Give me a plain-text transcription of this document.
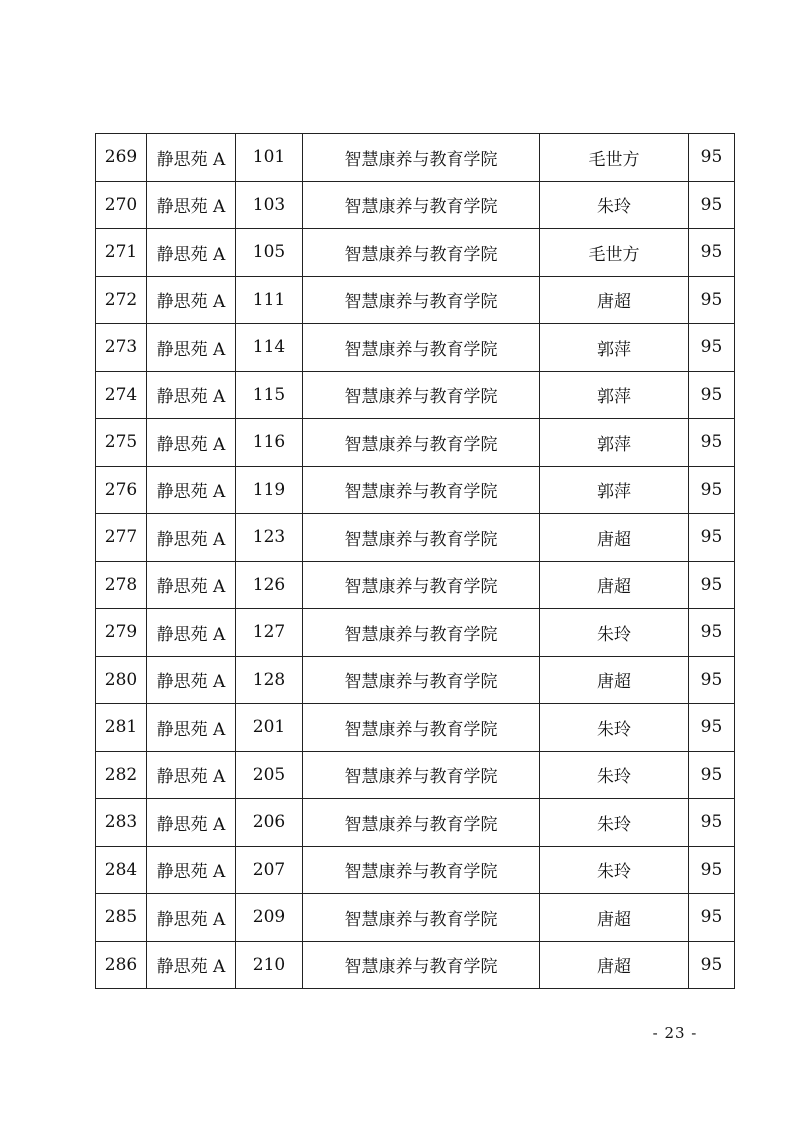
269	静思苑 A	101	智慧康养与教育学院	毛世方	95
270	静思苑 A	103	智慧康养与教育学院	朱玲	95
271	静思苑 A	105	智慧康养与教育学院	毛世方	95
272	静思苑 A	111	智慧康养与教育学院	唐超	95
273	静思苑 A	114	智慧康养与教育学院	郭萍	95
274	静思苑 A	115	智慧康养与教育学院	郭萍	95
275	静思苑 A	116	智慧康养与教育学院	郭萍	95
276	静思苑 A	119	智慧康养与教育学院	郭萍	95
277	静思苑 A	123	智慧康养与教育学院	唐超	95
278	静思苑 A	126	智慧康养与教育学院	唐超	95
279	静思苑 A	127	智慧康养与教育学院	朱玲	95
280	静思苑 A	128	智慧康养与教育学院	唐超	95
281	静思苑 A	201	智慧康养与教育学院	朱玲	95
282	静思苑 A	205	智慧康养与教育学院	朱玲	95
283	静思苑 A	206	智慧康养与教育学院	朱玲	95
284	静思苑 A	207	智慧康养与教育学院	朱玲	95
285	静思苑 A	209	智慧康养与教育学院	唐超	95
286	静思苑 A	210	智慧康养与教育学院	唐超	95
- 23 -
